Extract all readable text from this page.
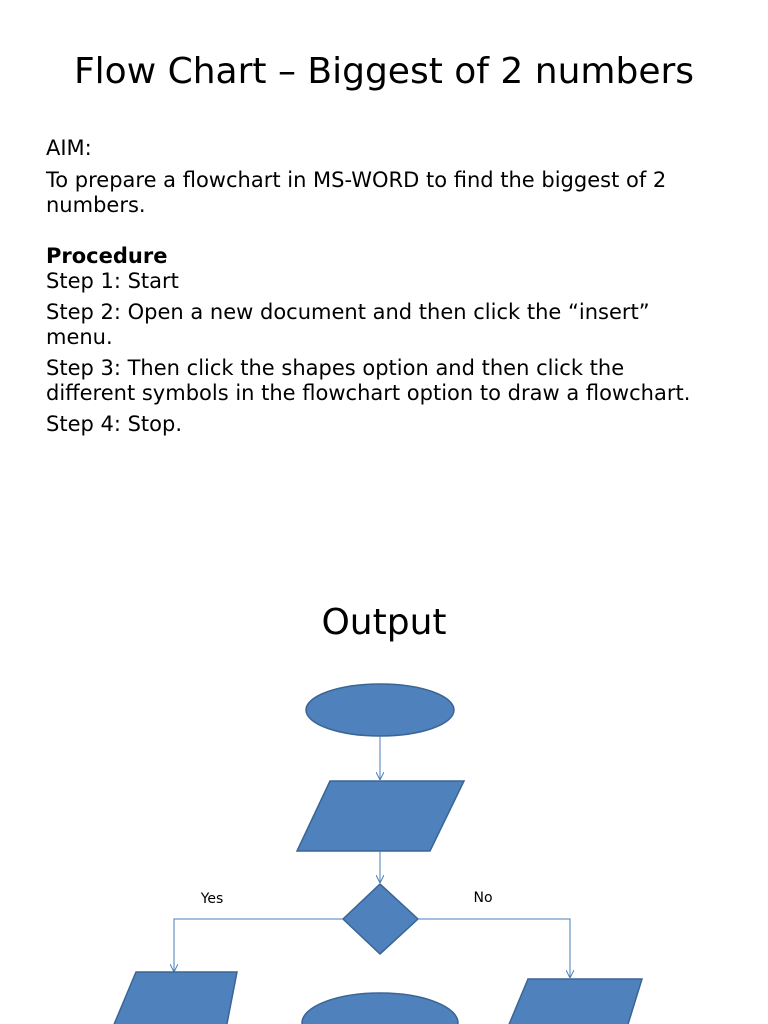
Flow Chart – Biggest of 2 numbers

AIM:

To prepare a flowchart in MS-WORD to find the biggest of 2

numbers.

Procedure

Step 1: Start

Step 2: Open a new document and then click the “insert”

menu.

Step 3: Then click the shapes option and then click the

different symbols in the flowchart option to draw a flowchart.

Step 4: Stop.

Output
Yes	No
